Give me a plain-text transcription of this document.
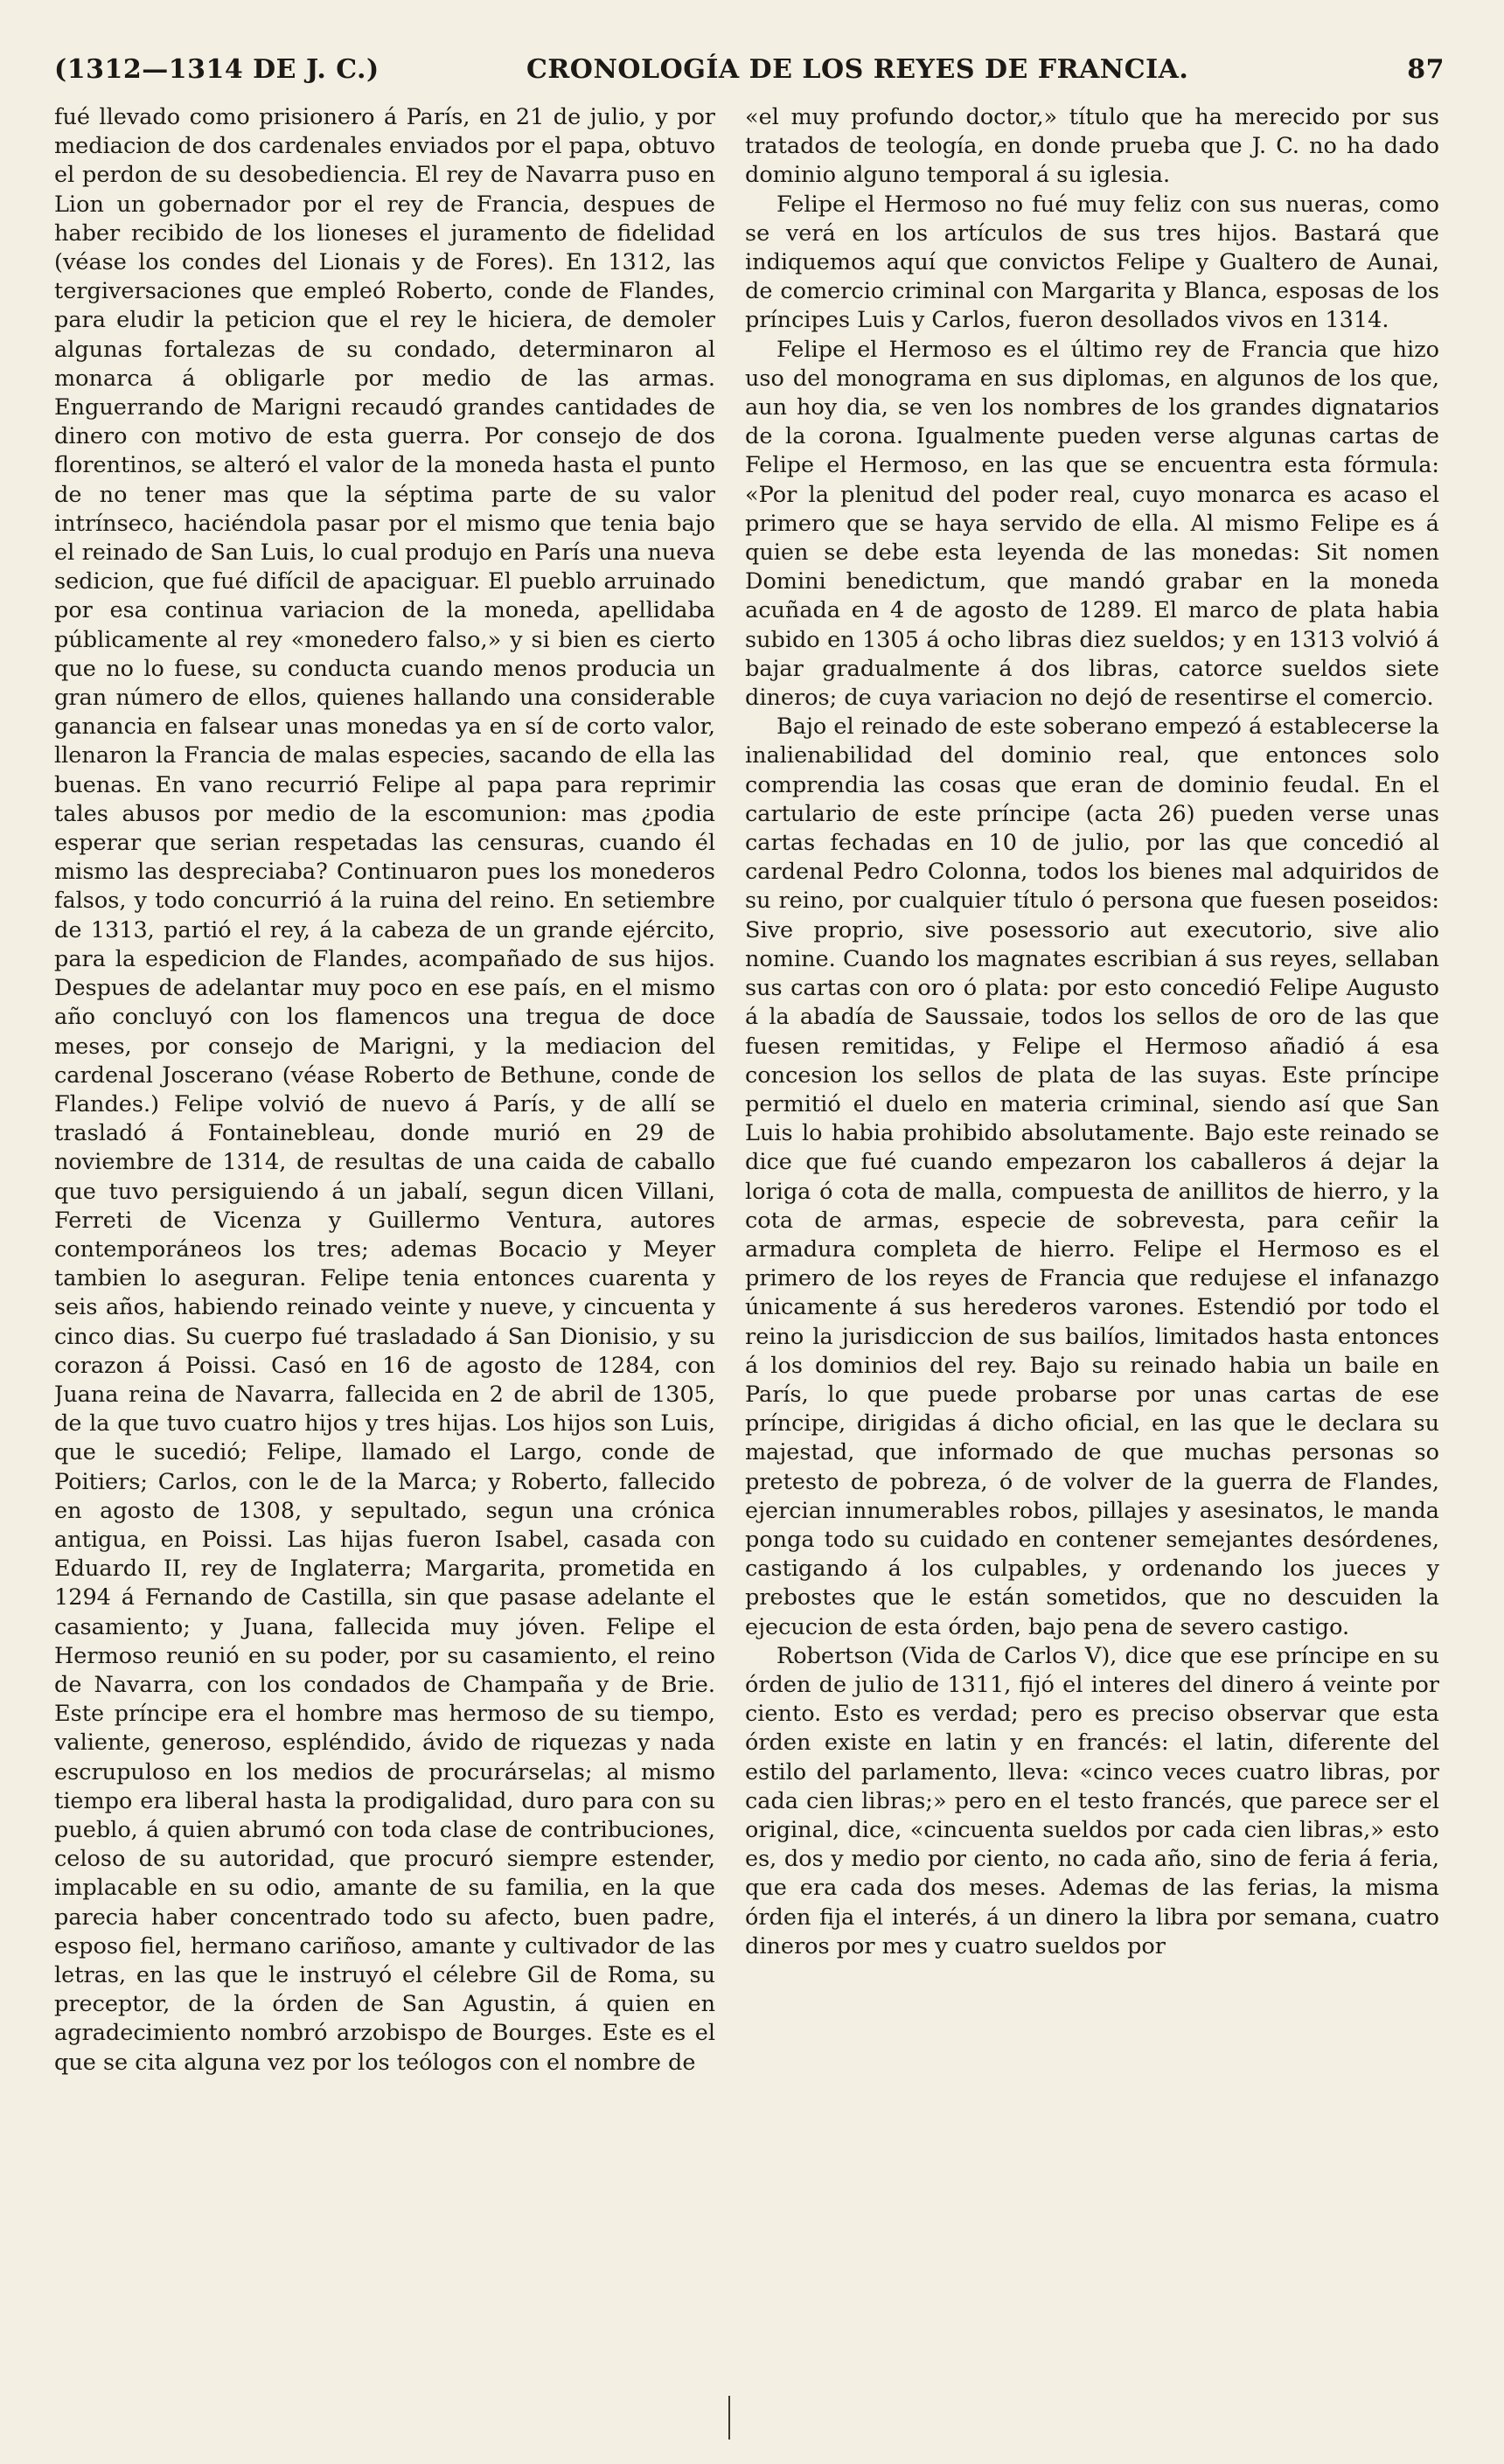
(1312—1314 DE J. C.)	CRONOLOGÍA DE LOS REYES DE FRANCIA.	87

fué llevado como prisionero á París, en 21 de julio, y por mediacion de dos cardenales enviados por el papa, obtuvo el perdon de su desobediencia. El rey de Navarra puso en Lion un gobernador por el rey de Francia, despues de haber recibido de los lioneses el juramento de fidelidad (véase los condes del Lionais y de Fores). En 1312, las tergiversaciones que empleó Roberto, conde de Flandes, para eludir la peticion que el rey le hiciera, de demoler algunas fortalezas de su condado, determinaron al monarca á obligarle por medio de las armas. Enguerrando de Marigni recaudó grandes cantidades de dinero con motivo de esta guerra. Por consejo de dos florentinos, se alteró el valor de la moneda hasta el punto de no tener mas que la séptima parte de su valor intrínseco, haciéndola pasar por el mismo que tenia bajo el reinado de San Luis, lo cual produjo en París una nueva sedicion, que fué difícil de apaciguar. El pueblo arruinado por esa continua variacion de la moneda, apellidaba públicamente al rey «monedero falso,» y si bien es cierto que no lo fuese, su conducta cuando menos producia un gran número de ellos, quienes hallando una considerable ganancia en falsear unas monedas ya en sí de corto valor, llenaron la Francia de malas especies, sacando de ella las buenas. En vano recurrió Felipe al papa para reprimir tales abusos por medio de la escomunion: mas ¿podia esperar que serian respetadas las censuras, cuando él mismo las despreciaba? Continuaron pues los monederos falsos, y todo concurrió á la ruina del reino. En setiembre de 1313, partió el rey, á la cabeza de un grande ejército, para la espedicion de Flandes, acompañado de sus hijos. Despues de adelantar muy poco en ese país, en el mismo año concluyó con los flamencos una tregua de doce meses, por consejo de Marigni, y la mediacion del cardenal Joscerano (véase Roberto de Bethune, conde de Flandes.) Felipe volvió de nuevo á París, y de allí se trasladó á Fontainebleau, donde murió en 29 de noviembre de 1314, de resultas de una caida de caballo que tuvo persiguiendo á un jabalí, segun dicen Villani, Ferreti de Vicenza y Guillermo Ventura, autores contemporáneos los tres; ademas Bocacio y Meyer tambien lo aseguran. Felipe tenia entonces cuarenta y seis años, habiendo reinado veinte y nueve, y cincuenta y cinco dias. Su cuerpo fué trasladado á San Dionisio, y su corazon á Poissi. Casó en 16 de agosto de 1284, con Juana reina de Navarra, fallecida en 2 de abril de 1305, de la que tuvo cuatro hijos y tres hijas. Los hijos son Luis, que le sucedió; Felipe, llamado el Largo, conde de Poitiers; Carlos, con le de la Marca; y Roberto, fallecido en agosto de 1308, y sepultado, segun una crónica antigua, en Poissi. Las hijas fueron Isabel, casada con Eduardo II, rey de Inglaterra; Margarita, prometida en 1294 á Fernando de Castilla, sin que pasase adelante el casamiento; y Juana, fallecida muy jóven. Felipe el Hermoso reunió en su poder, por su casamiento, el reino de Navarra, con los condados de Champaña y de Brie. Este príncipe era el hombre mas hermoso de su tiempo, valiente, generoso, espléndido, ávido de riquezas y nada escrupuloso en los medios de procurárselas; al mismo tiempo era liberal hasta la prodigalidad, duro para con su pueblo, á quien abrumó con toda clase de contribuciones, celoso de su autoridad, que procuró siempre estender, implacable en su odio, amante de su familia, en la que parecia haber concentrado todo su afecto, buen padre, esposo fiel, hermano cariñoso, amante y cultivador de las letras, en las que le instruyó el célebre Gil de Roma, su preceptor, de la órden de San Agustin, á quien en agradecimiento nombró arzobispo de Bourges. Este es el que se cita alguna vez por los teólogos con el nombre de

«el muy profundo doctor,» título que ha merecido por sus tratados de teología, en donde prueba que J. C. no ha dado dominio alguno temporal á su iglesia.

Felipe el Hermoso no fué muy feliz con sus nueras, como se verá en los artículos de sus tres hijos. Bastará que indiquemos aquí que convictos Felipe y Gualtero de Aunai, de comercio criminal con Margarita y Blanca, esposas de los príncipes Luis y Carlos, fueron desollados vivos en 1314.

Felipe el Hermoso es el último rey de Francia que hizo uso del monograma en sus diplomas, en algunos de los que, aun hoy dia, se ven los nombres de los grandes dignatarios de la corona. Igualmente pueden verse algunas cartas de Felipe el Hermoso, en las que se encuentra esta fórmula: «Por la plenitud del poder real, cuyo monarca es acaso el primero que se haya servido de ella. Al mismo Felipe es á quien se debe esta leyenda de las monedas: Sit nomen Domini benedictum, que mandó grabar en la moneda acuñada en 4 de agosto de 1289. El marco de plata habia subido en 1305 á ocho libras diez sueldos; y en 1313 volvió á bajar gradualmente á dos libras, catorce sueldos siete dineros; de cuya variacion no dejó de resentirse el comercio.

Bajo el reinado de este soberano empezó á establecerse la inalienabilidad del dominio real, que entonces solo comprendia las cosas que eran de dominio feudal. En el cartulario de este príncipe (acta 26) pueden verse unas cartas fechadas en 10 de julio, por las que concedió al cardenal Pedro Colonna, todos los bienes mal adquiridos de su reino, por cualquier título ó persona que fuesen poseidos: Sive proprio, sive posessorio aut executorio, sive alio nomine. Cuando los magnates escribian á sus reyes, sellaban sus cartas con oro ó plata: por esto concedió Felipe Augusto á la abadía de Saussaie, todos los sellos de oro de las que fuesen remitidas, y Felipe el Hermoso añadió á esa concesion los sellos de plata de las suyas. Este príncipe permitió el duelo en materia criminal, siendo así que San Luis lo habia prohibido absolutamente. Bajo este reinado se dice que fué cuando empezaron los caballeros á dejar la loriga ó cota de malla, compuesta de anillitos de hierro, y la cota de armas, especie de sobrevesta, para ceñir la armadura completa de hierro. Felipe el Hermoso es el primero de los reyes de Francia que redujese el infanazgo únicamente á sus herederos varones. Estendió por todo el reino la jurisdiccion de sus bailíos, limitados hasta entonces á los dominios del rey. Bajo su reinado habia un baile en París, lo que puede probarse por unas cartas de ese príncipe, dirigidas á dicho oficial, en las que le declara su majestad, que informado de que muchas personas so pretesto de pobreza, ó de volver de la guerra de Flandes, ejercian innumerables robos, pillajes y asesinatos, le manda ponga todo su cuidado en contener semejantes desórdenes, castigando á los culpables, y ordenando los jueces y prebostes que le están sometidos, que no descuiden la ejecucion de esta órden, bajo pena de severo castigo.

Robertson (Vida de Carlos V), dice que ese príncipe en su órden de julio de 1311, fijó el interes del dinero á veinte por ciento. Esto es verdad; pero es preciso observar que esta órden existe en latin y en francés: el latin, diferente del estilo del parlamento, lleva: «cinco veces cuatro libras, por cada cien libras;» pero en el testo francés, que parece ser el original, dice, «cincuenta sueldos por cada cien libras,» esto es, dos y medio por ciento, no cada año, sino de feria á feria, que era cada dos meses. Ademas de las ferias, la misma órden fija el interés, á un dinero la libra por semana, cuatro dineros por mes y cuatro sueldos por
